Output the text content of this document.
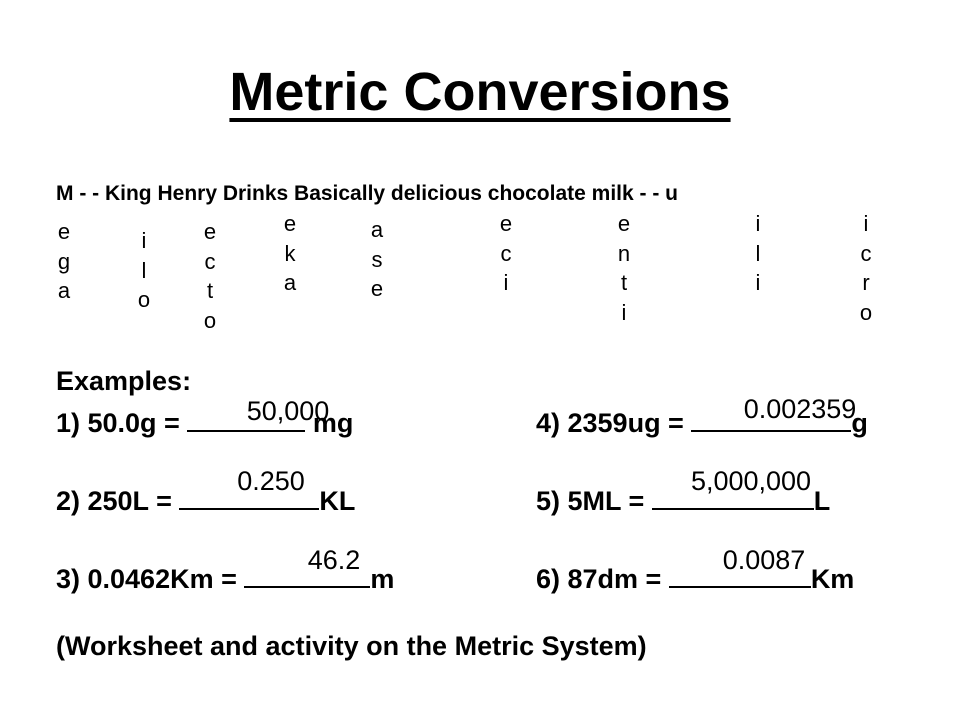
Metric Conversions
M - - King Henry Drinks Basically delicious chocolate milk - - u
e
g
a
i
l
o
e
c
t
o
e
k
a
a
s
e
e
c
i
e
n
t
i
i
l
i
i
c
r
o
Examples:
1) 50.0g =	mg
50,000
2) 250L =	KL
0.250
3) 0.0462Km =	m
46.2
4) 2359ug =	g
0.002359
5) 5ML =	L
5,000,000
6) 87dm =	Km
0.0087
(Worksheet and activity on the Metric System)
